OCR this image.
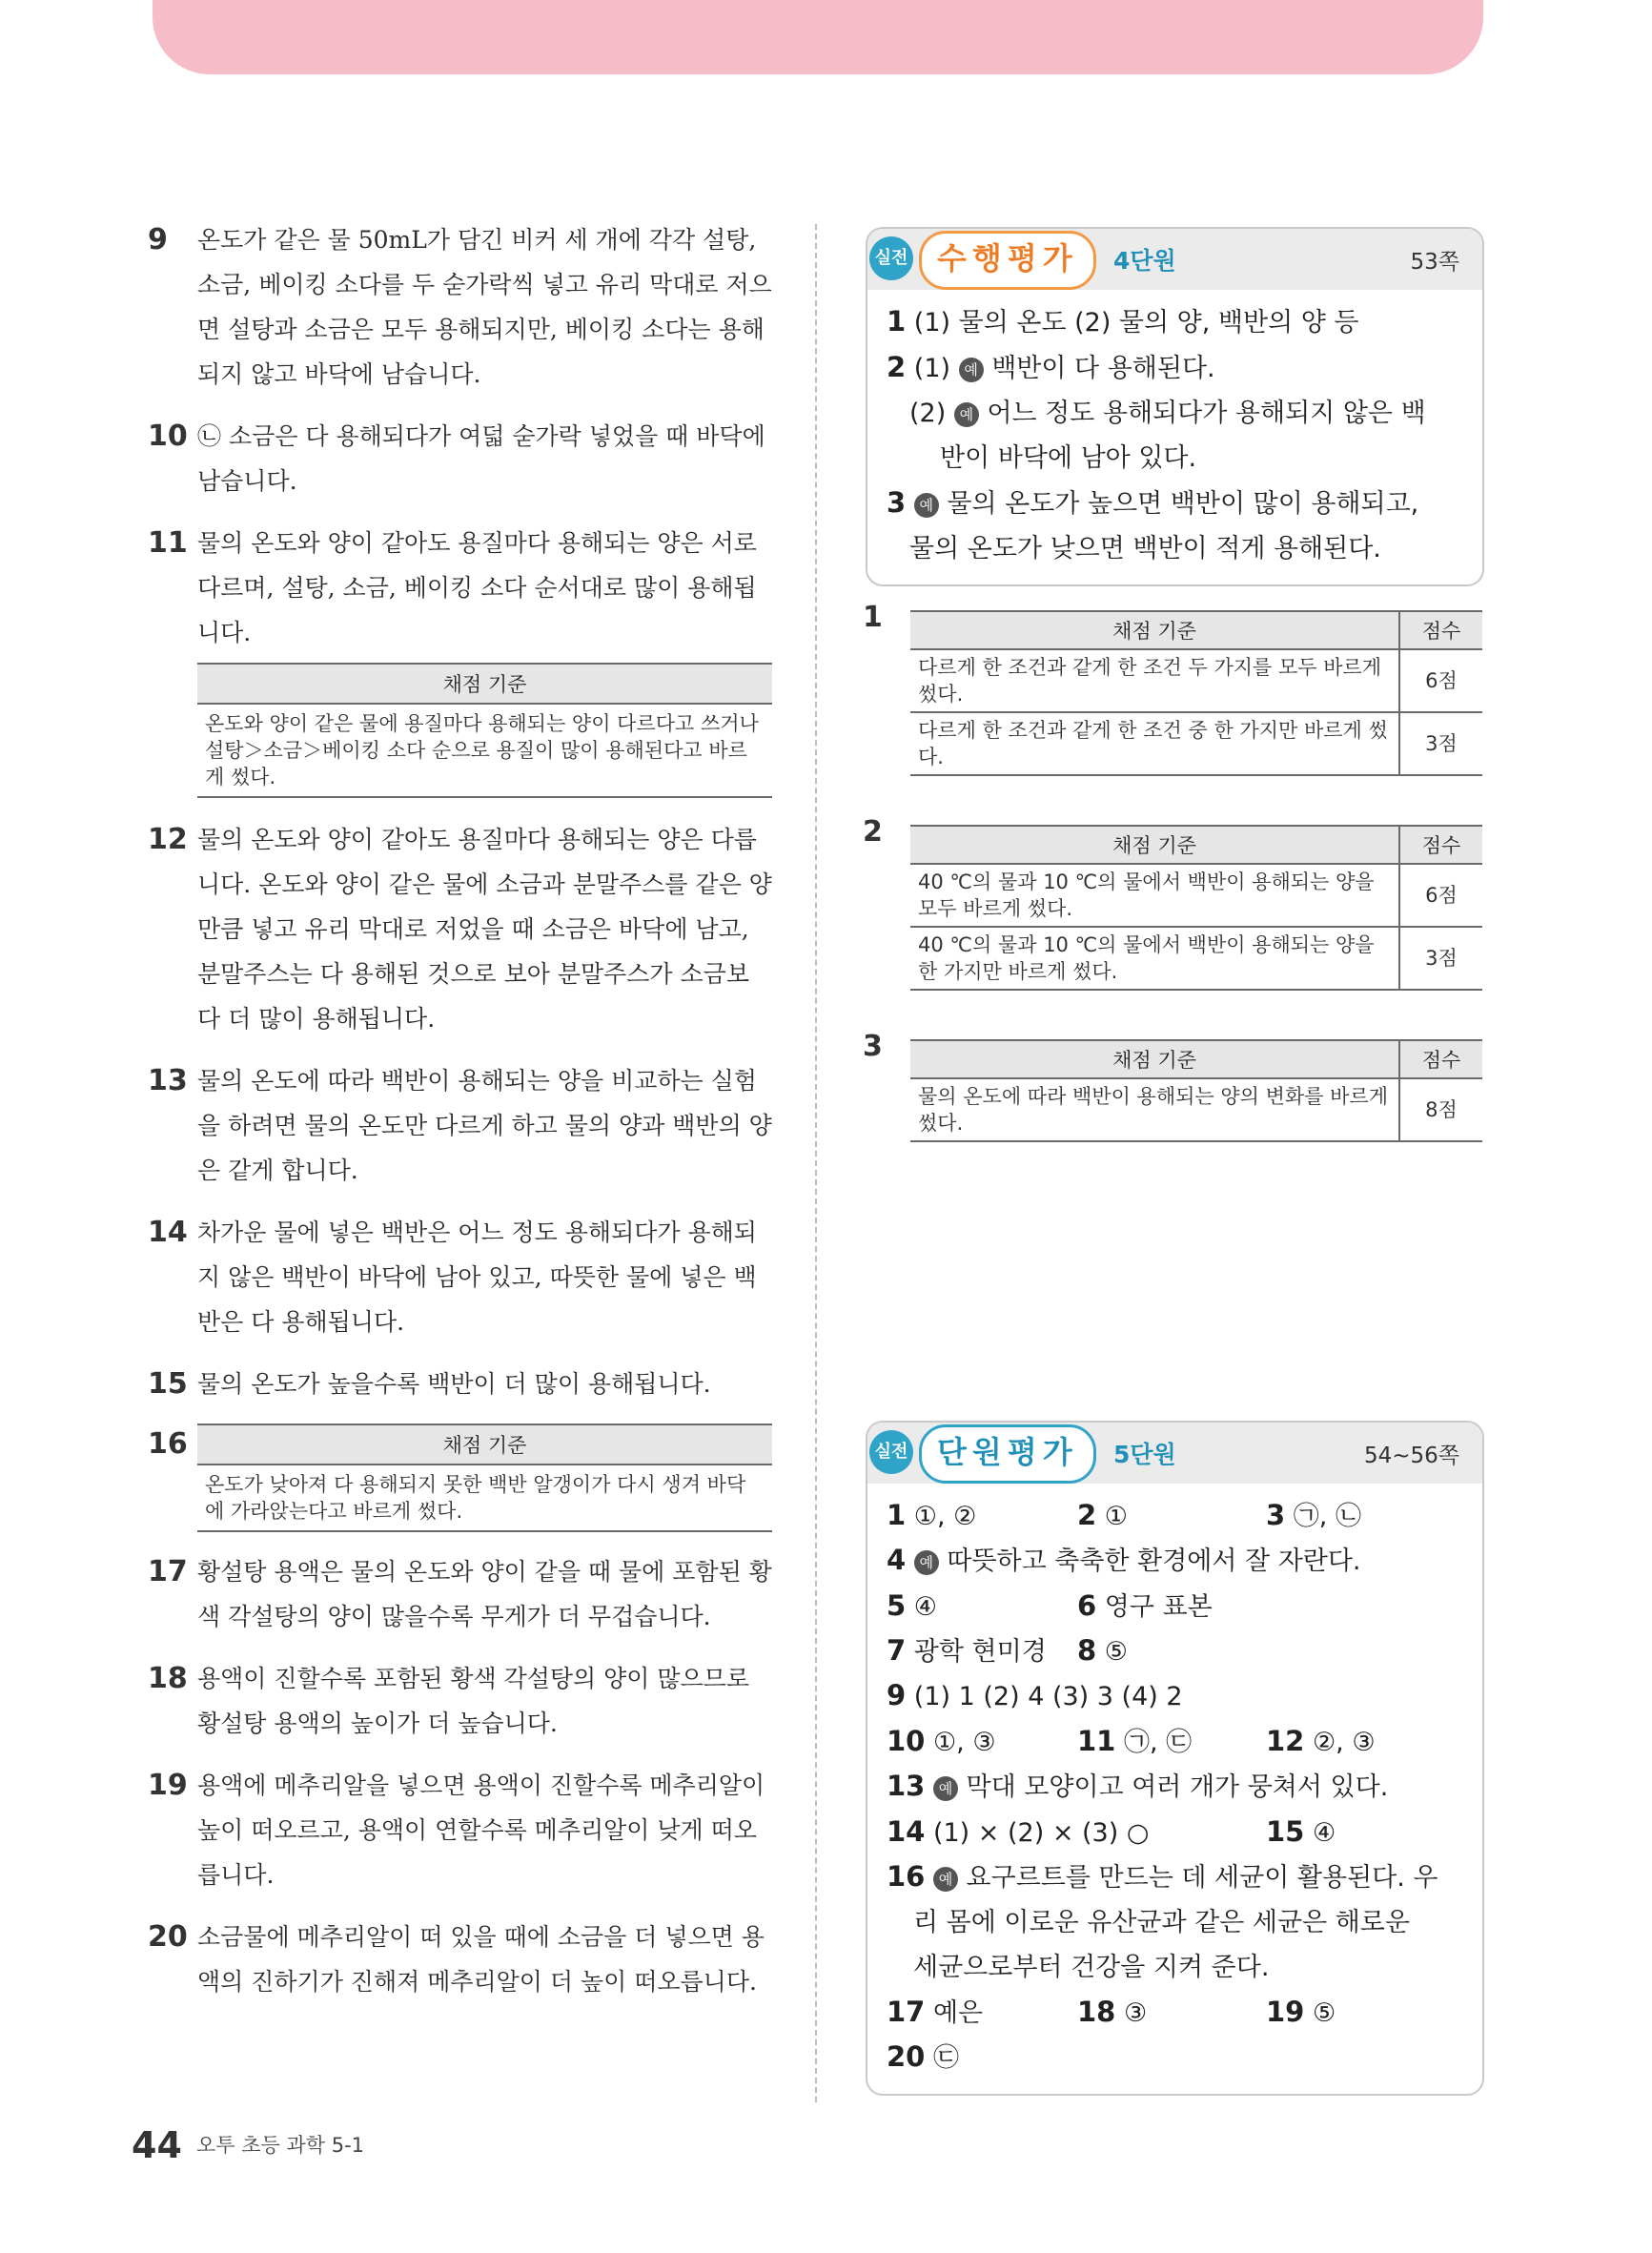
9 온도가 같은 물 50mL가 담긴 비커 세 개에 각각 설탕, 소금, 베이킹 소다를 두 숟가락씩 넣고 유리 막대로 저으면 설탕과 소금은 모두 용해되지만, 베이킹 소다는 용해되지 않고 바닥에 남습니다.
10 ㉡ 소금은 다 용해되다가 여덟 숟가락 넣었을 때 바닥에 남습니다.
11 물의 온도와 양이 같아도 용질마다 용해되는 양은 서로 다르며, 설탕, 소금, 베이킹 소다 순서대로 많이 용해됩니다.
채점 기준
온도와 양이 같은 물에 용질마다 용해되는 양이 다르다고 쓰거나 설탕＞소금＞베이킹 소다 순으로 용질이 많이 용해된다고 바르게 썼다.
12 물의 온도와 양이 같아도 용질마다 용해되는 양은 다릅니다. 온도와 양이 같은 물에 소금과 분말주스를 같은 양만큼 넣고 유리 막대로 저었을 때 소금은 바닥에 남고, 분말주스는 다 용해된 것으로 보아 분말주스가 소금보다 더 많이 용해됩니다.
13 물의 온도에 따라 백반이 용해되는 양을 비교하는 실험을 하려면 물의 온도만 다르게 하고 물의 양과 백반의 양은 같게 합니다.
14 차가운 물에 넣은 백반은 어느 정도 용해되다가 용해되지 않은 백반이 바닥에 남아 있고, 따뜻한 물에 넣은 백반은 다 용해됩니다.
15 물의 온도가 높을수록 백반이 더 많이 용해됩니다.
16	채점 기준
온도가 낮아져 다 용해되지 못한 백반 알갱이가 다시 생겨 바닥에 가라앉는다고 바르게 썼다.
17 황설탕 용액은 물의 온도와 양이 같을 때 물에 포함된 황색 각설탕의 양이 많을수록 무게가 더 무겁습니다.
18 용액이 진할수록 포함된 황색 각설탕의 양이 많으므로 황설탕 용액의 높이가 더 높습니다.
19 용액에 메추리알을 넣으면 용액이 진할수록 메추리알이 높이 떠오르고, 용액이 연할수록 메추리알이 낮게 떠오릅니다.
20 소금물에 메추리알이 떠 있을 때에 소금을 더 넣으면 용액의 진하기가 진해져 메추리알이 더 높이 떠오릅니다.
실전 수행평가	4단원	53쪽
1 (1) 물의 온도 (2) 물의 양, 백반의 양 등
2 (1) 예 백반이 다 용해된다.
(2) 예 어느 정도 용해되다가 용해되지 않은 백
반이 바닥에 남아 있다.
3 예 물의 온도가 높으면 백반이 많이 용해되고,
물의 온도가 낮으면 백반이 적게 용해된다.
1	채점 기준	점수
다르게 한 조건과 같게 한 조건 두 가지를 모두 바르게 썼다.	6점
다르게 한 조건과 같게 한 조건 중 한 가지만 바르게 썼다.	3점
2	채점 기준	점수
40 ℃의 물과 10 ℃의 물에서 백반이 용해되는 양을 모두 바르게 썼다.	6점
40 ℃의 물과 10 ℃의 물에서 백반이 용해되는 양을 한 가지만 바르게 썼다.	3점
3	채점 기준	점수
물의 온도에 따라 백반이 용해되는 양의 변화를 바르게 썼다.	8점
실전 단원평가	5단원	54~56쪽
1 ①, ②	2 ①	3 ㉠, ㉡
4 예 따뜻하고 축축한 환경에서 잘 자란다.
5 ④	6 영구 표본
7 광학 현미경 8 ⑤
9 (1) 1 (2) 4 (3) 3 (4) 2
10 ①, ③	11 ㉠, ㉢	12 ②, ③
13 예 막대 모양이고 여러 개가 뭉쳐서 있다.
14 (1) × (2) × (3) ○	15 ④
16 예 요구르트를 만드는 데 세균이 활용된다. 우
리 몸에 이로운 유산균과 같은 세균은 해로운
세균으로부터 건강을 지켜 준다.
17 예은	18 ③	19 ⑤
20 ㉢
44 오투 초등 과학 5-1
